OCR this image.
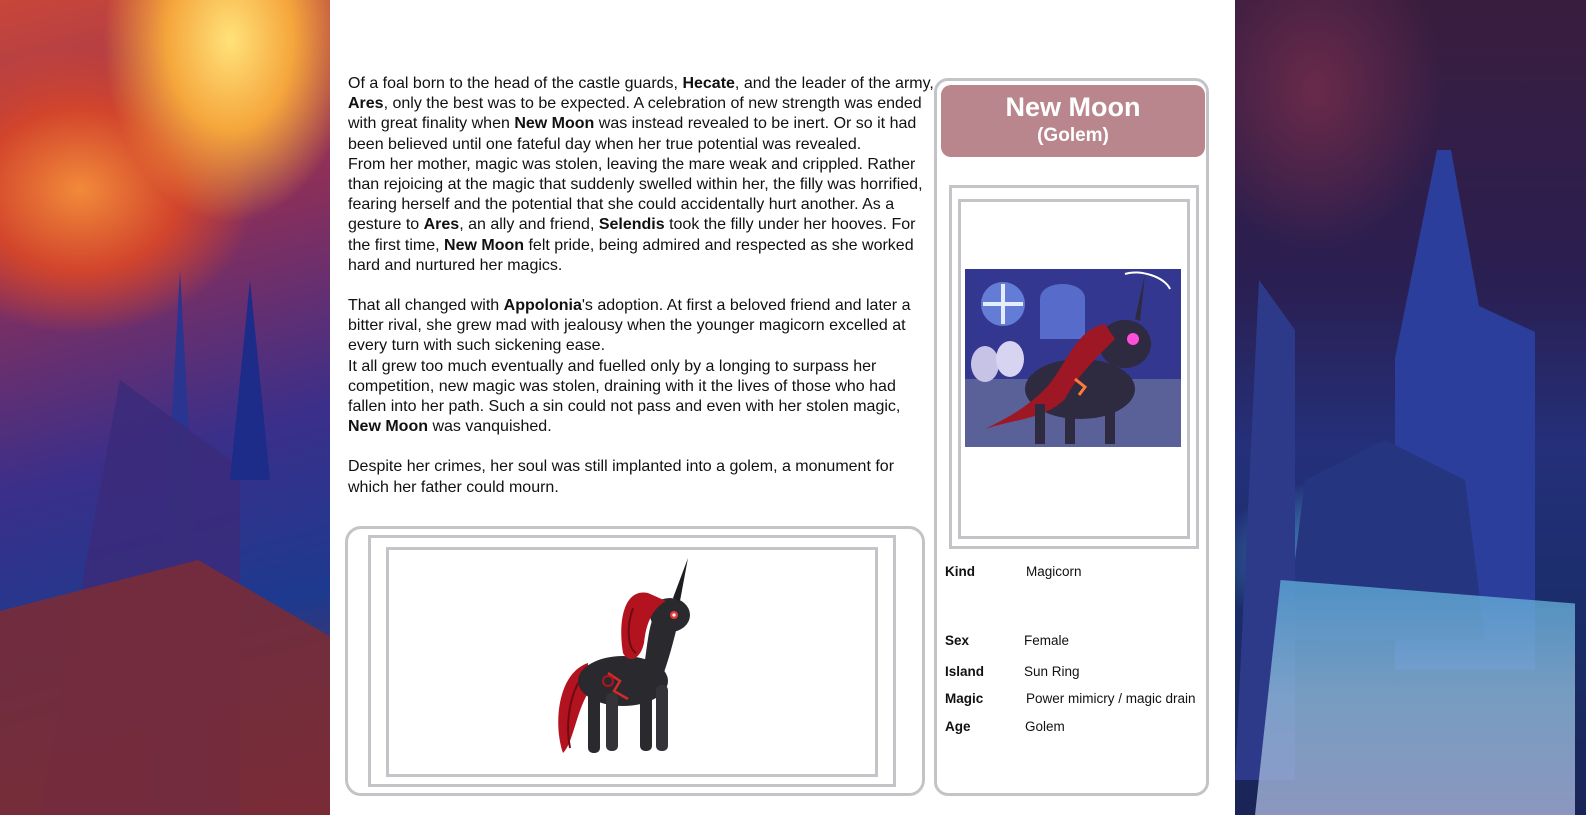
Of a foal born to the head of the castle guards, Hecate, and the leader of the army, Ares, only the best was to be expected. A celebration of new strength was ended with great finality when New Moon was instead revealed to be inert. Or so it had been believed until one fateful day when her true potential was revealed.

From her mother, magic was stolen, leaving the mare weak and crippled. Rather than rejoicing at the magic that suddenly swelled within her, the filly was horrified, fearing herself and the potential that she could accidentally hurt another. As a gesture to Ares, an ally and friend, Selendis took the filly under her hooves. For the first time, New Moon felt pride, being admired and respected as she worked hard and nurtured her magics.

That all changed with Appolonia's adoption. At first a beloved friend and later a bitter rival, she grew mad with jealousy when the younger magicorn excelled at every turn with such sickening ease.

It all grew too much eventually and fuelled only by a longing to surpass her competition, new magic was stolen, draining with it the lives of those who had fallen into her path. Such a sin could not pass and even with her stolen magic, New Moon was vanquished.

Despite her crimes, her soul was still implanted into a golem, a monument for which her father could mourn.

New Moon
(Golem)
Kind	Magicorn
Sex	Female
Island	Sun Ring
Magic	Power mimicry / magic drain
Age	Golem
